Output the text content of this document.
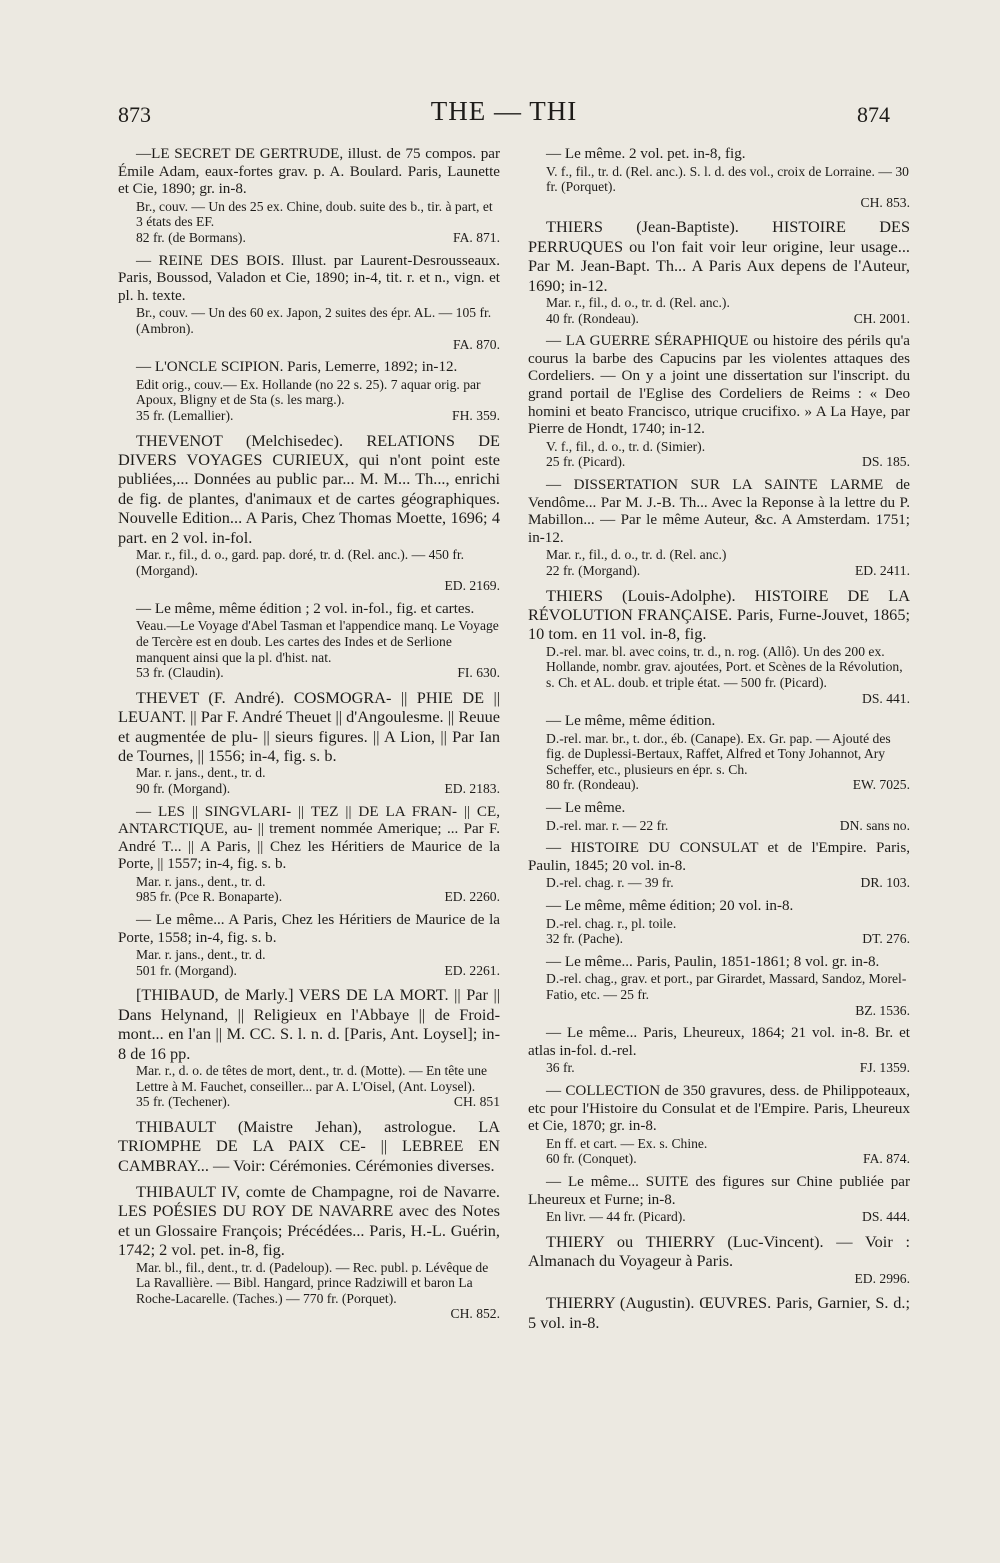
873	THE — THI	874

—LE SECRET DE GERTRUDE, illust. de 75 compos. par Émile Adam, eaux-fortes grav. p. A. Boulard. Paris, Launette et Cie, 1890; gr. in-8.

Br., couv. — Un des 25 ex. Chine, doub. suite des b., tir. à part, et 3 états des EF.

82 fr. (de Bormans).	FA. 871.

— REINE DES BOIS. Illust. par Laurent-Desrousseaux. Paris, Boussod, Valadon et Cie, 1890; in-4, tit. r. et n., vign. et pl. h. texte.

Br., couv. — Un des 60 ex. Japon, 2 suites des épr. AL. — 105 fr. (Ambron).

FA. 870.

— L'ONCLE SCIPION. Paris, Lemerre, 1892; in-12.

Edit orig., couv.— Ex. Hollande (no 22 s. 25). 7 aquar orig. par Apoux, Bligny et de Sta (s. les marg.).

35 fr. (Lemallier).	FH. 359.

THEVENOT (Melchisedec). RELATIONS DE DIVERS VOYAGES CURIEUX, qui n'ont point este publiées,... Données au public par... M. M... Th..., enrichi de fig. de plantes, d'animaux et de cartes géographiques. Nouvelle Edition... A Paris, Chez Thomas Moette, 1696; 4 part. en 2 vol. in-fol.

Mar. r., fil., d. o., gard. pap. doré, tr. d. (Rel. anc.). — 450 fr. (Morgand).

ED. 2169.

— Le même, même édition ; 2 vol. in-fol., fig. et cartes.

Veau.—Le Voyage d'Abel Tasman et l'appendice manq. Le Voyage de Tercère est en doub. Les cartes des Indes et de Serlione manquent ainsi que la pl. d'hist. nat.

53 fr. (Claudin).	FI. 630.

THEVET (F. André). COSMOGRA- || PHIE DE || LEUANT. || Par F. André Theuet || d'Angoulesme. || Reuue et augmentée de plu- || sieurs figures. || A Lion, || Par Ian de Tournes, || 1556; in-4, fig. s. b.

Mar. r. jans., dent., tr. d.

90 fr. (Morgand).	ED. 2183.

— LES || SINGVLARI- || TEZ || DE LA FRAN- || CE, ANTARCTIQUE, au- || trement nommée Amerique; ... Par F. André T... || A Paris, || Chez les Héritiers de Maurice de la Porte, || 1557; in-4, fig. s. b.

Mar. r. jans., dent., tr. d.

985 fr. (Pce R. Bonaparte).	ED. 2260.

— Le même... A Paris, Chez les Héritiers de Maurice de la Porte, 1558; in-4, fig. s. b.

Mar. r. jans., dent., tr. d.

501 fr. (Morgand).	ED. 2261.

[THIBAUD, de Marly.] VERS DE LA MORT. || Par || Dans Helynand, || Religieux en l'Abbaye || de Froid-mont... en l'an || M. CC. S. l. n. d. [Paris, Ant. Loysel]; in-8 de 16 pp.

Mar. r., d. o. de têtes de mort, dent., tr. d. (Motte). — En tête une Lettre à M. Fauchet, conseiller... par A. L'Oisel, (Ant. Loysel).

35 fr. (Techener).	CH. 851

THIBAULT (Maistre Jehan), astrologue. LA TRIOMPHE DE LA PAIX CE- || LEBREE EN CAMBRAY... — Voir: Cérémonies. Cérémonies diverses.

THIBAULT IV, comte de Champagne, roi de Navarre. LES POÉSIES DU ROY DE NAVARRE avec des Notes et un Glossaire François; Précédées... Paris, H.-L. Guérin, 1742; 2 vol. pet. in-8, fig.

Mar. bl., fil., dent., tr. d. (Padeloup). — Rec. publ. p. Lévêque de La Ravallière. — Bibl. Hangard, prince Radziwill et baron La Roche-Lacarelle. (Taches.) — 770 fr. (Porquet).

CH. 852.

— Le même. 2 vol. pet. in-8, fig.

V. f., fil., tr. d. (Rel. anc.). S. l. d. des vol., croix de Lorraine. — 30 fr. (Porquet).

CH. 853.

THIERS (Jean-Baptiste). HISTOIRE DES PERRUQUES ou l'on fait voir leur origine, leur usage... Par M. Jean-Bapt. Th... A Paris Aux depens de l'Auteur, 1690; in-12.

Mar. r., fil., d. o., tr. d. (Rel. anc.).

40 fr. (Rondeau).	CH. 2001.

— LA GUERRE SÉRAPHIQUE ou histoire des périls qu'a courus la barbe des Capucins par les violentes attaques des Cordeliers. — On y a joint une dissertation sur l'inscript. du grand portail de l'Eglise des Cordeliers de Reims : « Deo homini et beato Francisco, utrique crucifixo. » A La Haye, par Pierre de Hondt, 1740; in-12.

V. f., fil., d. o., tr. d. (Simier).

25 fr. (Picard).	DS. 185.

— DISSERTATION SUR LA SAINTE LARME de Vendôme... Par M. J.-B. Th... Avec la Reponse à la lettre du P. Mabillon... — Par le même Auteur, &c. A Amsterdam. 1751; in-12.

Mar. r., fil., d. o., tr. d. (Rel. anc.)

22 fr. (Morgand).	ED. 2411.

THIERS (Louis-Adolphe). HISTOIRE DE LA RÉVOLUTION FRANÇAISE. Paris, Furne-Jouvet, 1865; 10 tom. en 11 vol. in-8, fig.

D.-rel. mar. bl. avec coins, tr. d., n. rog. (Allô). Un des 200 ex. Hollande, nombr. grav. ajoutées, Port. et Scènes de la Révolution, s. Ch. et AL. doub. et triple état. — 500 fr. (Picard).

DS. 441.

— Le même, même édition.

D.-rel. mar. br., t. dor., éb. (Canape). Ex. Gr. pap. — Ajouté des fig. de Duplessi-Bertaux, Raffet, Alfred et Tony Johannot, Ary Scheffer, etc., plusieurs en épr. s. Ch.

80 fr. (Rondeau).	EW. 7025.

— Le même.

D.-rel. mar. r. — 22 fr.	DN. sans no.

— HISTOIRE DU CONSULAT et de l'Empire. Paris, Paulin, 1845; 20 vol. in-8.

D.-rel. chag. r. — 39 fr.	DR. 103.

— Le même, même édition; 20 vol. in-8.

D.-rel. chag. r., pl. toile.

32 fr. (Pache).	DT. 276.

— Le même... Paris, Paulin, 1851-1861; 8 vol. gr. in-8.

D.-rel. chag., grav. et port., par Girardet, Massard, Sandoz, Morel-Fatio, etc. — 25 fr.

BZ. 1536.

— Le même... Paris, Lheureux, 1864; 21 vol. in-8. Br. et atlas in-fol. d.-rel.

36 fr.	FJ. 1359.

— COLLECTION de 350 gravures, dess. de Philippoteaux, etc pour l'Histoire du Consulat et de l'Empire. Paris, Lheureux et Cie, 1870; gr. in-8.

En ff. et cart. — Ex. s. Chine.

60 fr. (Conquet).	FA. 874.

— Le même... SUITE des figures sur Chine publiée par Lheureux et Furne; in-8.

En livr. — 44 fr. (Picard).	DS. 444.

THIERY ou THIERRY (Luc-Vincent). — Voir : Almanach du Voyageur à Paris.

ED. 2996.

THIERRY (Augustin). ŒUVRES. Paris, Garnier, S. d.; 5 vol. in-8.
